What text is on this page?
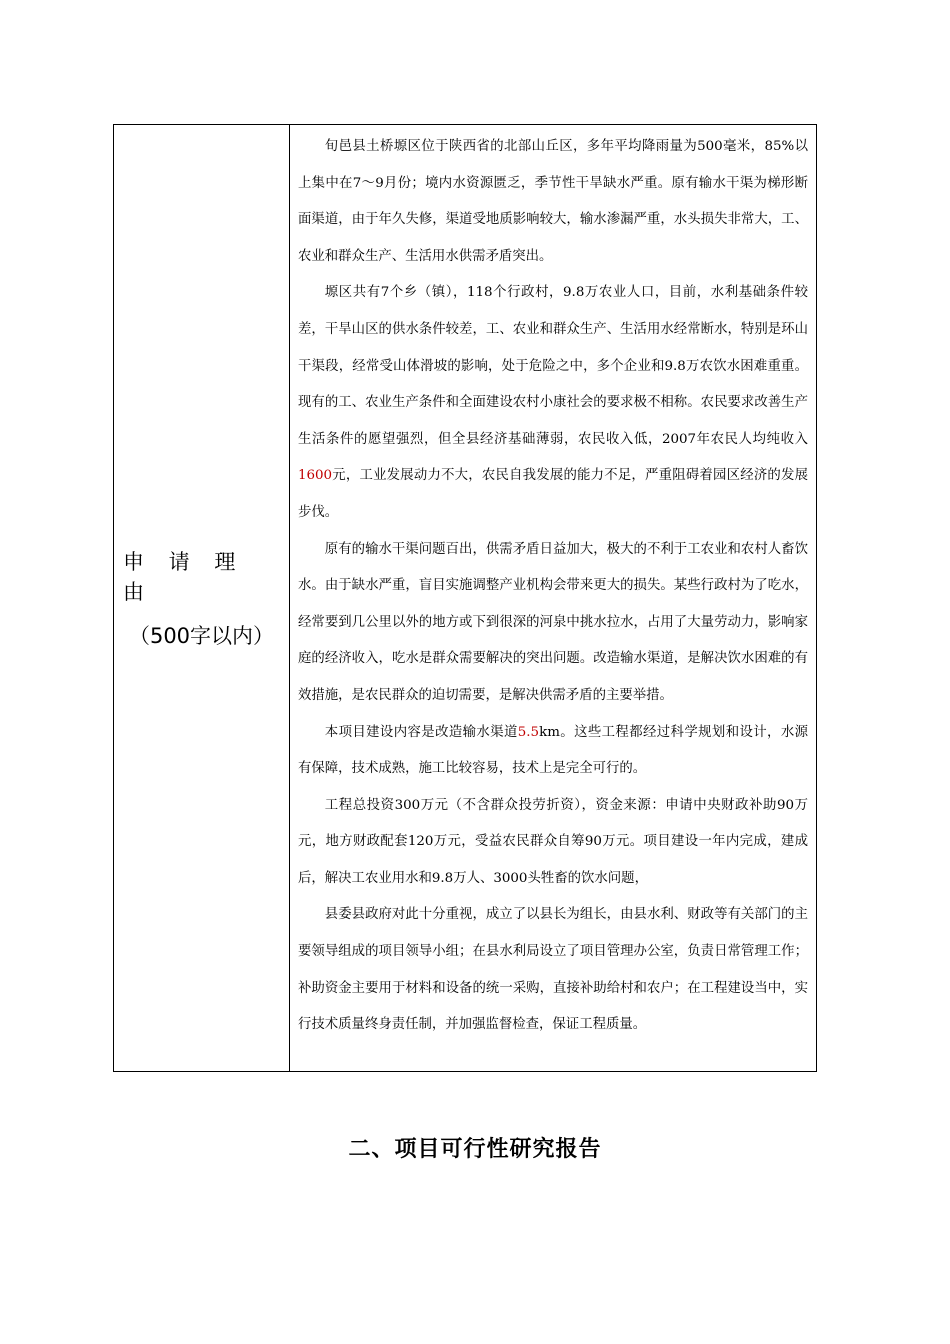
申 请 理 由
（500字以内）

旬邑县土桥塬区位于陕西省的北部山丘区，多年平均降雨量为500毫米，85%以上集中在7～9月份；境内水资源匮乏，季节性干旱缺水严重。原有输水干渠为梯形断面渠道，由于年久失修，渠道受地质影响较大，输水渗漏严重，水头损失非常大，工、农业和群众生产、生活用水供需矛盾突出。

塬区共有7个乡（镇），118个行政村，9.8万农业人口，目前，水利基础条件较差，干旱山区的供水条件较差，工、农业和群众生产、生活用水经常断水，特别是环山干渠段，经常受山体滑坡的影响，处于危险之中，多个企业和9.8万农饮水困难重重。现有的工、农业生产条件和全面建设农村小康社会的要求极不相称。农民要求改善生产生活条件的愿望强烈，但全县经济基础薄弱，农民收入低，2007年农民人均纯收入1600元，工业发展动力不大，农民自我发展的能力不足，严重阻碍着园区经济的发展步伐。

原有的输水干渠问题百出，供需矛盾日益加大，极大的不利于工农业和农村人畜饮水。由于缺水严重，盲目实施调整产业机构会带来更大的损失。某些行政村为了吃水，经常要到几公里以外的地方或下到很深的河泉中挑水拉水，占用了大量劳动力，影响家庭的经济收入，吃水是群众需要解决的突出问题。改造输水渠道，是解决饮水困难的有效措施，是农民群众的迫切需要，是解决供需矛盾的主要举措。

本项目建设内容是改造输水渠道5.5km。这些工程都经过科学规划和设计，水源有保障，技术成熟，施工比较容易，技术上是完全可行的。

工程总投资300万元（不含群众投劳折资），资金来源：申请中央财政补助90万元，地方财政配套120万元，受益农民群众自筹90万元。项目建设一年内完成，建成后，解决工农业用水和9.8万人、3000头牲畜的饮水问题，

县委县政府对此十分重视，成立了以县长为组长，由县水利、财政等有关部门的主要领导组成的项目领导小组；在县水利局设立了项目管理办公室，负责日常管理工作；补助资金主要用于材料和设备的统一采购，直接补助给村和农户；在工程建设当中，实行技术质量终身责任制，并加强监督检查，保证工程质量。

二、项目可行性研究报告
